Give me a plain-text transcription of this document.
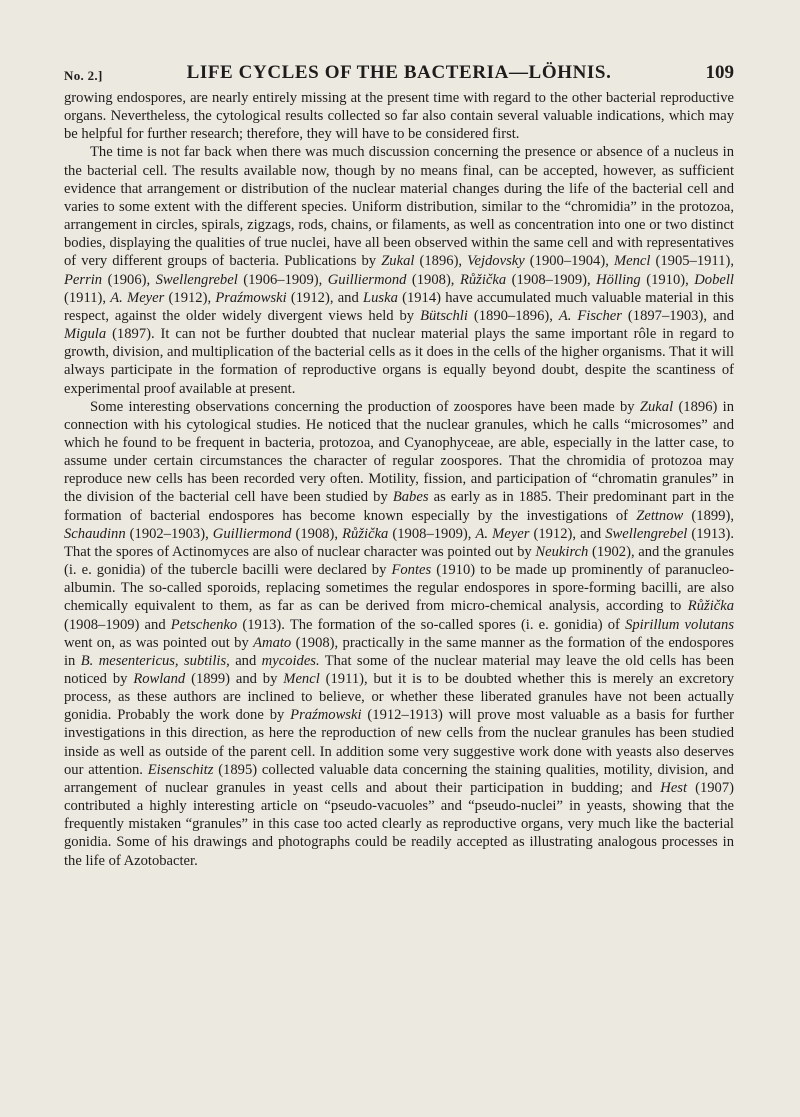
No. 2.]	LIFE CYCLES OF THE BACTERIA—LÖHNIS.	109

growing endospores, are nearly entirely missing at the present time with regard to the other bacterial reproductive organs. Nevertheless, the cytological results collected so far also contain several valuable indications, which may be helpful for further research; therefore, they will have to be considered first.

The time is not far back when there was much discussion concerning the presence or absence of a nucleus in the bacterial cell. The results available now, though by no means final, can be accepted, however, as sufficient evidence that arrangement or distribution of the nuclear material changes during the life of the bacterial cell and varies to some extent with the different species. Uniform distribution, similar to the “chromidia” in the protozoa, arrangement in circles, spirals, zigzags, rods, chains, or filaments, as well as concentration into one or two distinct bodies, displaying the qualities of true nuclei, have all been observed within the same cell and with representatives of very different groups of bacteria. Publications by Zukal (1896), Vejdovsky (1900–1904), Mencl (1905–1911), Perrin (1906), Swellengrebel (1906–1909), Guilliermond (1908), Růžička (1908–1909), Hölling (1910), Dobell (1911), A. Meyer (1912), Praźmowski (1912), and Luska (1914) have accumulated much valuable material in this respect, against the older widely divergent views held by Bütschli (1890–1896), A. Fischer (1897–1903), and Migula (1897). It can not be further doubted that nuclear material plays the same important rôle in regard to growth, division, and multiplication of the bacterial cells as it does in the cells of the higher organisms. That it will always participate in the formation of reproductive organs is equally beyond doubt, despite the scantiness of experimental proof available at present.

Some interesting observations concerning the production of zoospores have been made by Zukal (1896) in connection with his cytological studies. He noticed that the nuclear granules, which he calls “microsomes” and which he found to be frequent in bacteria, protozoa, and Cyanophyceae, are able, especially in the latter case, to assume under certain circumstances the character of regular zoospores. That the chromidia of protozoa may reproduce new cells has been recorded very often. Motility, fission, and participation of “chromatin granules” in the division of the bacterial cell have been studied by Babes as early as in 1885. Their predominant part in the formation of bacterial endospores has become known especially by the investigations of Zettnow (1899), Schaudinn (1902–1903), Guilliermond (1908), Růžička (1908–1909), A. Meyer (1912), and Swellengrebel (1913). That the spores of Actinomyces are also of nuclear character was pointed out by Neukirch (1902), and the granules (i. e. gonidia) of the tubercle bacilli were declared by Fontes (1910) to be made up prominently of paranucleo-albumin. The so-called sporoids, replacing sometimes the regular endospores in spore-forming bacilli, are also chemically equivalent to them, as far as can be derived from micro-chemical analysis, according to Růžička (1908–1909) and Petschenko (1913). The formation of the so-called spores (i. e. gonidia) of Spirillum volutans went on, as was pointed out by Amato (1908), practically in the same manner as the formation of the endospores in B. mesentericus, subtilis, and mycoides. That some of the nuclear material may leave the old cells has been noticed by Rowland (1899) and by Mencl (1911), but it is to be doubted whether this is merely an excretory process, as these authors are inclined to believe, or whether these liberated granules have not been actually gonidia. Probably the work done by Praźmowski (1912–1913) will prove most valuable as a basis for further investigations in this direction, as here the reproduction of new cells from the nuclear granules has been studied inside as well as outside of the parent cell. In addition some very suggestive work done with yeasts also deserves our attention. Eisenschitz (1895) collected valuable data concerning the staining qualities, motility, division, and arrangement of nuclear granules in yeast cells and about their participation in budding; and Hest (1907) contributed a highly interesting article on “pseudo-vacuoles” and “pseudo-nuclei” in yeasts, showing that the frequently mistaken “granules” in this case too acted clearly as reproductive organs, very much like the bacterial gonidia. Some of his drawings and photographs could be readily accepted as illustrating analogous processes in the life of Azotobacter.
